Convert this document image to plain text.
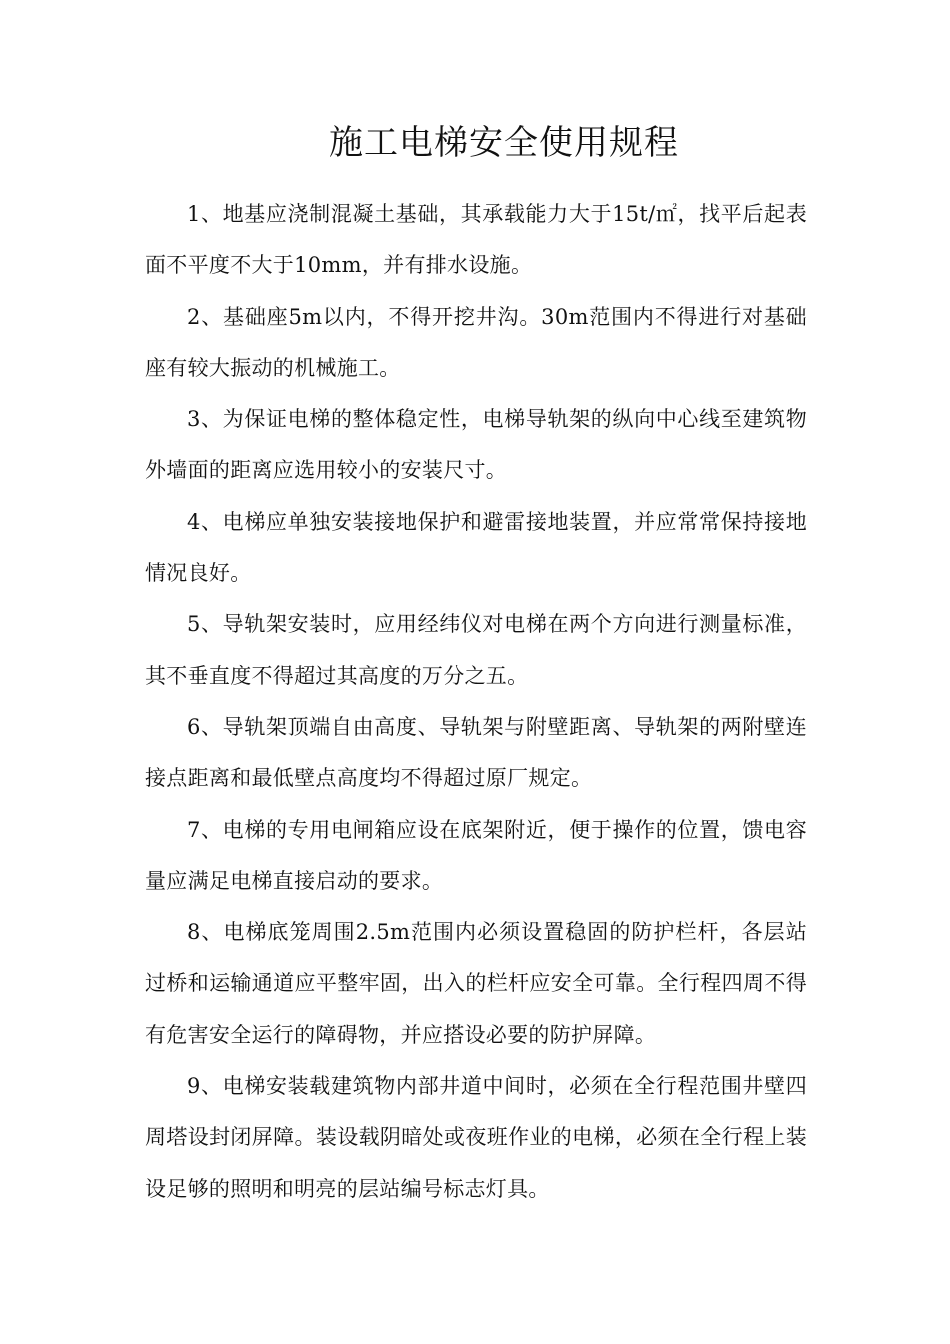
施工电梯安全使用规程

1、地基应浇制混凝土基础，其承载能力大于15t/㎡，找平后起表面不平度不大于10mm，并有排水设施。

2、基础座5m以内，不得开挖井沟。30m范围内不得进行对基础座有较大振动的机械施工。

3、为保证电梯的整体稳定性，电梯导轨架的纵向中心线至建筑物外墙面的距离应选用较小的安装尺寸。

4、电梯应单独安装接地保护和避雷接地装置，并应常常保持接地情况良好。

5、导轨架安装时，应用经纬仪对电梯在两个方向进行测量标准，其不垂直度不得超过其高度的万分之五。

6、导轨架顶端自由高度、导轨架与附壁距离、导轨架的两附壁连接点距离和最低壁点高度均不得超过原厂规定。

7、电梯的专用电闸箱应设在底架附近，便于操作的位置，馈电容量应满足电梯直接启动的要求。

8、电梯底笼周围2.5m范围内必须设置稳固的防护栏杆，各层站过桥和运输通道应平整牢固，出入的栏杆应安全可靠。全行程四周不得有危害安全运行的障碍物，并应搭设必要的防护屏障。

9、电梯安装载建筑物内部井道中间时，必须在全行程范围井壁四周塔设封闭屏障。装设载阴暗处或夜班作业的电梯，必须在全行程上装设足够的照明和明亮的层站编号标志灯具。
